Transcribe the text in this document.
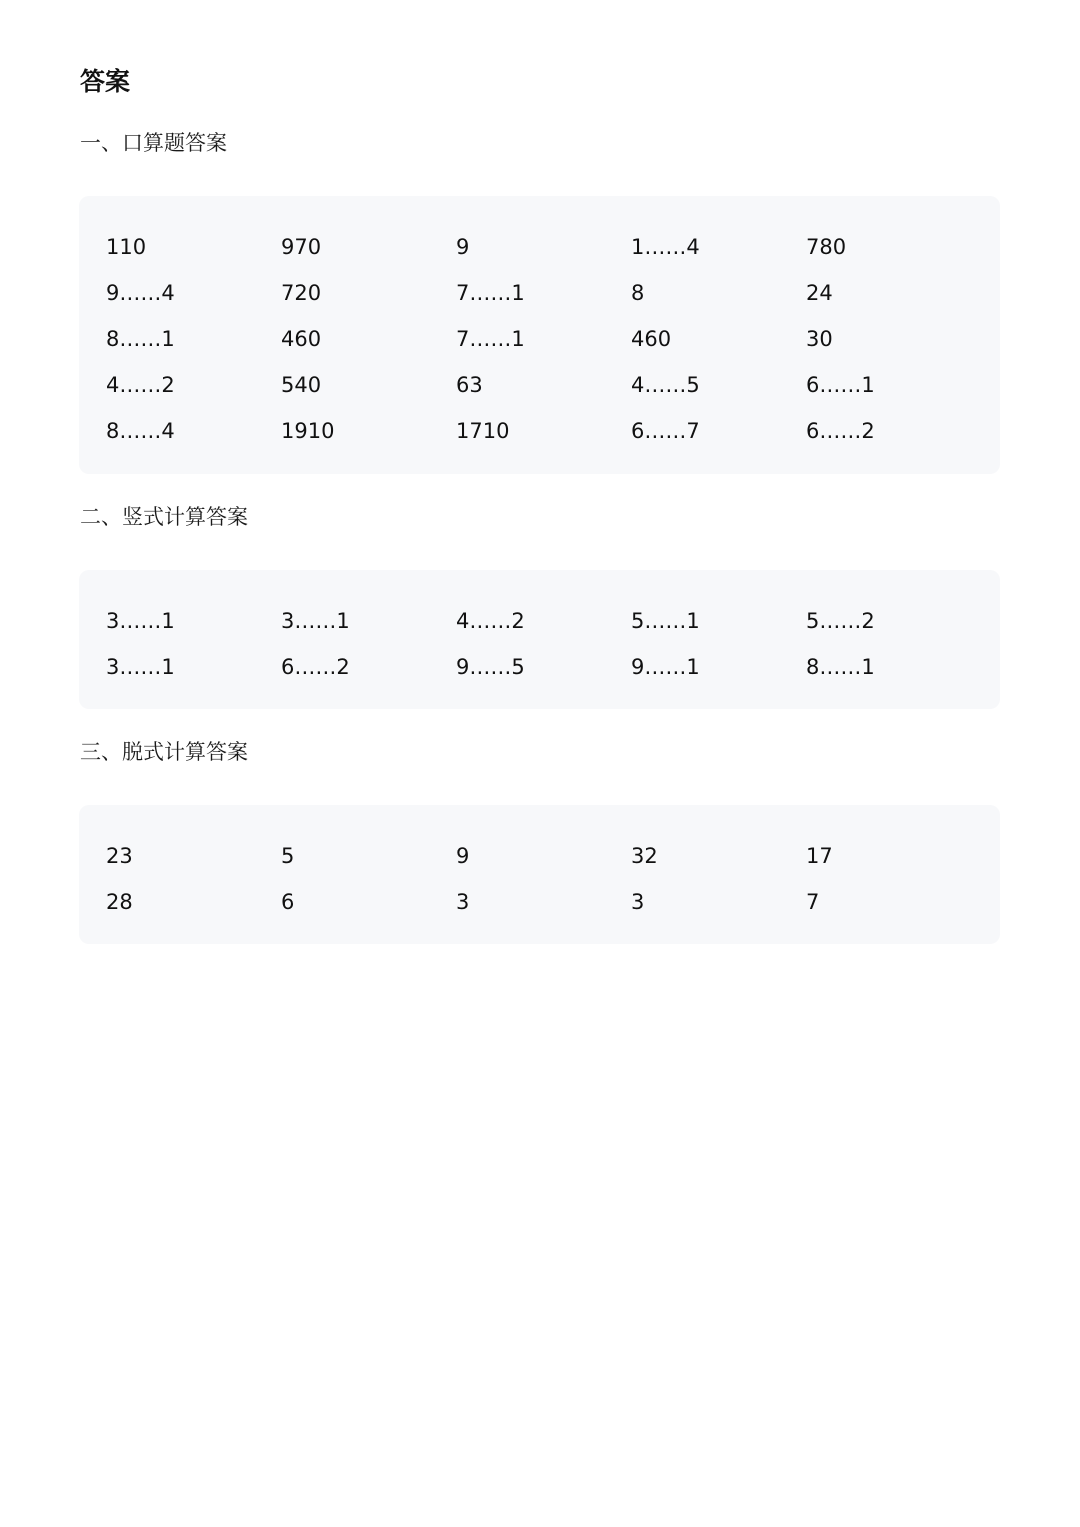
答案
一、口算题答案
110	970	9	1……4	780
9……4	720	7……1	8	24
8……1	460	7……1	460	30
4……2	540	63	4……5	6……1
8……4	1910	1710	6……7	6……2
二、竖式计算答案
3……1	3……1	4……2	5……1	5……2
3……1	6……2	9……5	9……1	8……1
三、脱式计算答案
23	5	9	32	17
28	6	3	3	7
